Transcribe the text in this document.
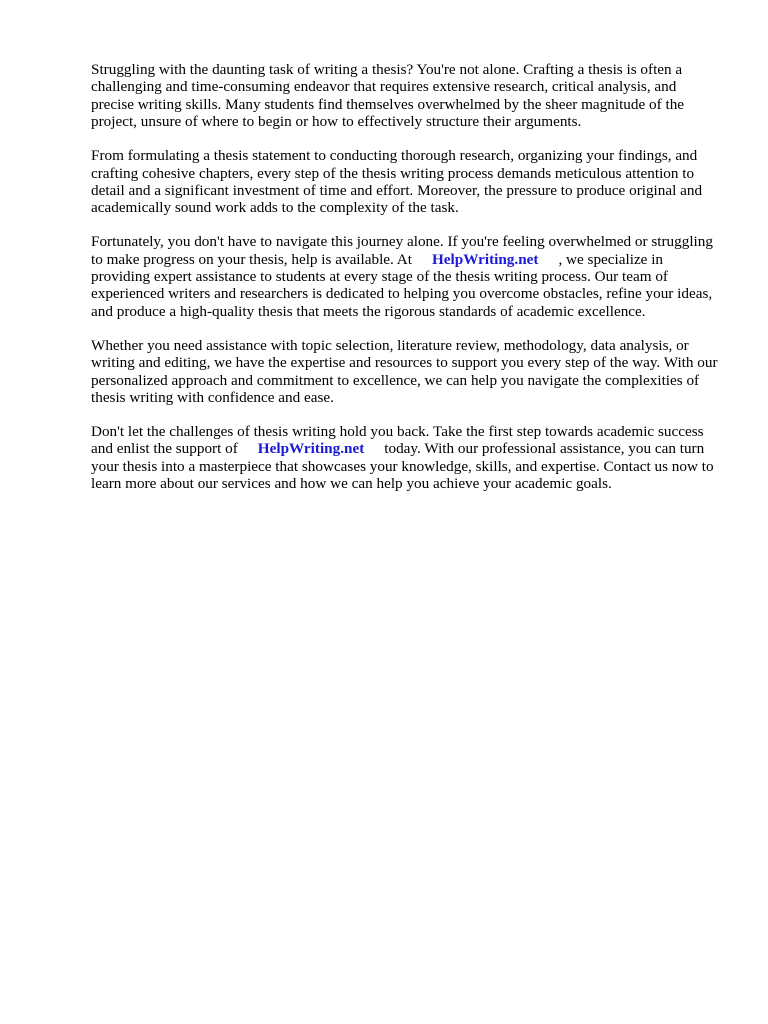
Struggling with the daunting task of writing a thesis? You're not alone. Crafting a thesis is often a challenging and time-consuming endeavor that requires extensive research, critical analysis, and precise writing skills. Many students find themselves overwhelmed by the sheer magnitude of the project, unsure of where to begin or how to effectively structure their arguments.

From formulating a thesis statement to conducting thorough research, organizing your findings, and crafting cohesive chapters, every step of the thesis writing process demands meticulous attention to detail and a significant investment of time and effort. Moreover, the pressure to produce original and academically sound work adds to the complexity of the task.

Fortunately, you don't have to navigate this journey alone. If you're feeling overwhelmed or struggling to make progress on your thesis, help is available. At HelpWriting.net , we specialize in providing expert assistance to students at every stage of the thesis writing process. Our team of experienced writers and researchers is dedicated to helping you overcome obstacles, refine your ideas, and produce a high-quality thesis that meets the rigorous standards of academic excellence.

Whether you need assistance with topic selection, literature review, methodology, data analysis, or writing and editing, we have the expertise and resources to support you every step of the way. With our personalized approach and commitment to excellence, we can help you navigate the complexities of thesis writing with confidence and ease.

Don't let the challenges of thesis writing hold you back. Take the first step towards academic success and enlist the support of HelpWriting.net today. With our professional assistance, you can turn your thesis into a masterpiece that showcases your knowledge, skills, and expertise. Contact us now to learn more about our services and how we can help you achieve your academic goals.
